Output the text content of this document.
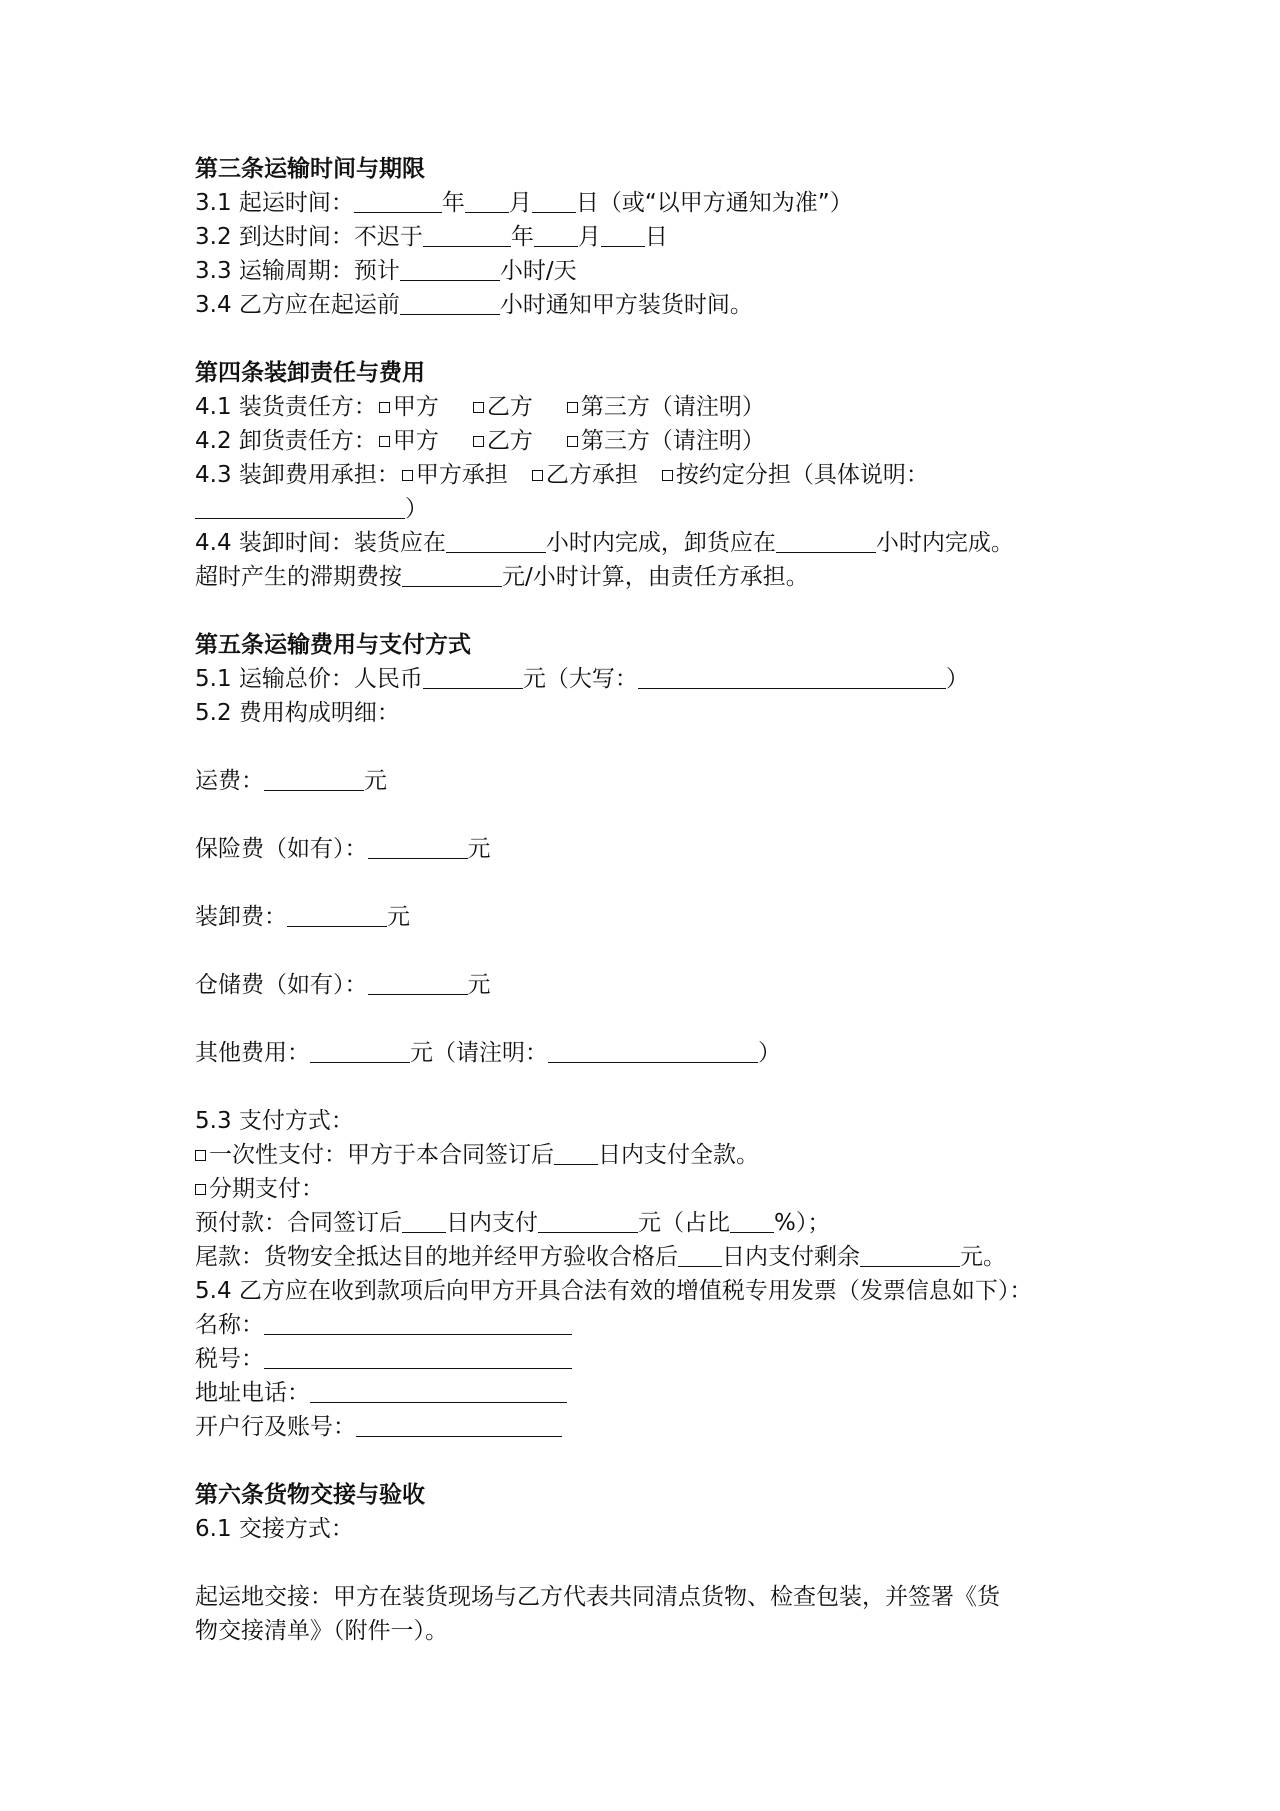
第三条运输时间与期限
3.1 起运时间：	年 月 日（或“以甲方通知为准”）
3.2 到达时间：不迟于	年 月 日
3.3 运输周期：预计	小时/天
3.4 乙方应在起运前	小时通知甲方装货时间。
第四条装卸责任与费用
4.1 装货责任方： 甲方 乙方 第三方（请注明）
4.2 卸货责任方： 甲方 乙方 第三方（请注明）
4.3 装卸费用承担： 甲方承担 乙方承担 按约定分担（具体说明：
）
4.4 装卸时间：装货应在	小时内完成，卸货应在	小时内完成。
超时产生的滞期费按	元/小时计算，由责任方承担。
第五条运输费用与支付方式
5.1 运输总价：人民币	元（大写：	）
5.2 费用构成明细：
运费：	元
保险费（如有）：	元
装卸费：	元
仓储费（如有）：	元
其他费用：	元（请注明：	）
5.3 支付方式：
一次性支付：甲方于本合同签订后 日内支付全款。
分期支付：
预付款：合同签订后 日内支付	元（占比 %）；
尾款：货物安全抵达目的地并经甲方验收合格后 日内支付剩余	元。
5.4 乙方应在收到款项后向甲方开具合法有效的增值税专用发票（发票信息如下）：
名称：
税号：
地址电话：
开户行及账号：
第六条货物交接与验收
6.1 交接方式：
起运地交接：甲方在装货现场与乙方代表共同清点货物、检查包装，并签署《货
物交接清单》（附件一）。
